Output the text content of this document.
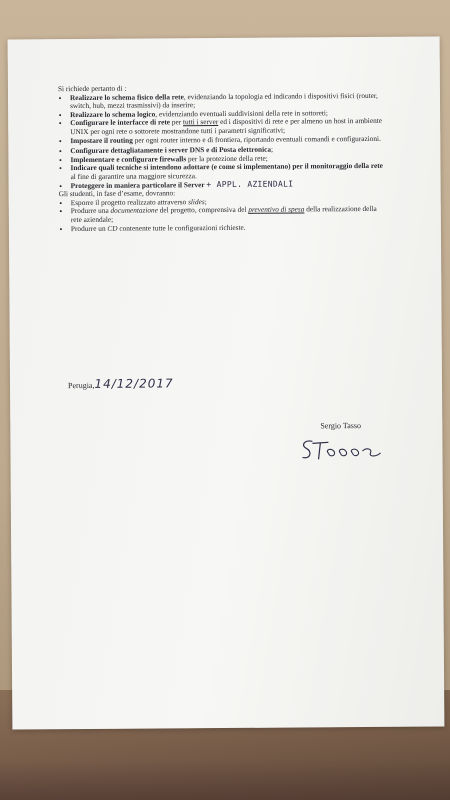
Si richiede pertanto di :

• Realizzare lo schema fisico della rete, evidenziando la topologia ed indicando i dispositivi fisici (router, switch, hub, mezzi trasmissivi) da inserire;
• Realizzare lo schema logico, evidenziando eventuali suddivisioni della rete in sottoreti;
• Configurare le interfacce di rete per tutti i server ed i dispositivi di rete e per almeno un host in ambiente UNIX per ogni rete o sottorete mostrandone tutti i parametri significativi;
• Impostare il routing per ogni router interno e di frontiera, riportando eventuali comandi e configurazioni.
• Configurare dettagliatamente i server DNS e di Posta elettronica;
• Implementare e configurare firewalls per la protezione della rete;
• Indicare quali tecniche si intendono adottare (e come si implementano) per il monitoraggio della rete al fine di garantire una maggiore sicurezza.
• Proteggere in maniera particolare il Server + APPL. AZIENDALI

Gli studenti, in fase d’esame, dovranno:

• Esporre il progetto realizzato attraverso slides;
• Produrre una documentazione del progetto, comprensiva del preventivo di spesa della realizzazione della rete aziendale;
• Produrre un CD contenente tutte le configurazioni richieste.
Perugia,14/12/2017
Sergio Tasso
